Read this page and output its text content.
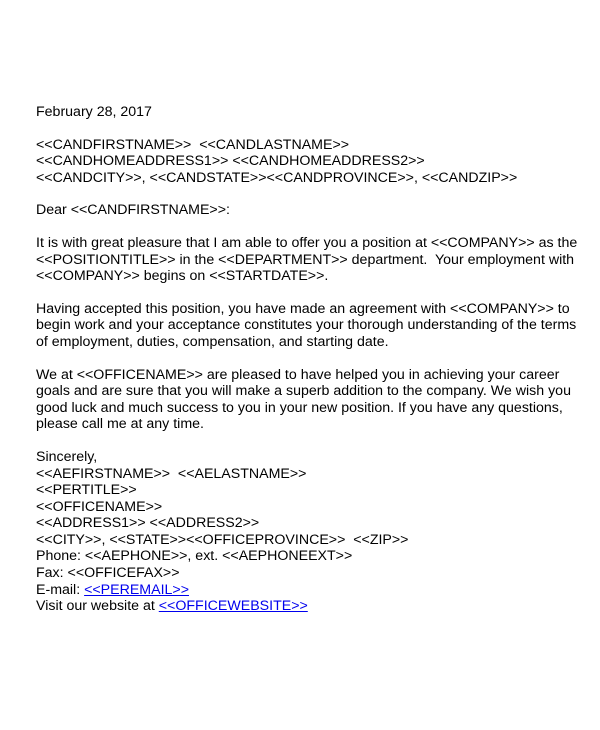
February 28, 2017
<<CANDFIRSTNAME>>  <<CANDLASTNAME>>
<<CANDHOMEADDRESS1>> <<CANDHOMEADDRESS2>>
<<CANDCITY>>, <<CANDSTATE>><<CANDPROVINCE>>, <<CANDZIP>>
Dear <<CANDFIRSTNAME>>:
It is with great pleasure that I am able to offer you a position at <<COMPANY>> as the
<<POSITIONTITLE>> in the <<DEPARTMENT>> department.  Your employment with
<<COMPANY>> begins on <<STARTDATE>>.
Having accepted this position, you have made an agreement with <<COMPANY>> to
begin work and your acceptance constitutes your thorough understanding of the terms
of employment, duties, compensation, and starting date.
We at <<OFFICENAME>> are pleased to have helped you in achieving your career
goals and are sure that you will make a superb addition to the company. We wish you
good luck and much success to you in your new position. If you have any questions,
please call me at any time.
Sincerely,
<<AEFIRSTNAME>>  <<AELASTNAME>>
<<PERTITLE>>
<<OFFICENAME>>
<<ADDRESS1>> <<ADDRESS2>>
<<CITY>>, <<STATE>><<OFFICEPROVINCE>>  <<ZIP>>
Phone: <<AEPHONE>>, ext. <<AEPHONEEXT>>
Fax: <<OFFICEFAX>>
E-mail: <<PEREMAIL>>
Visit our website at <<OFFICEWEBSITE>>
